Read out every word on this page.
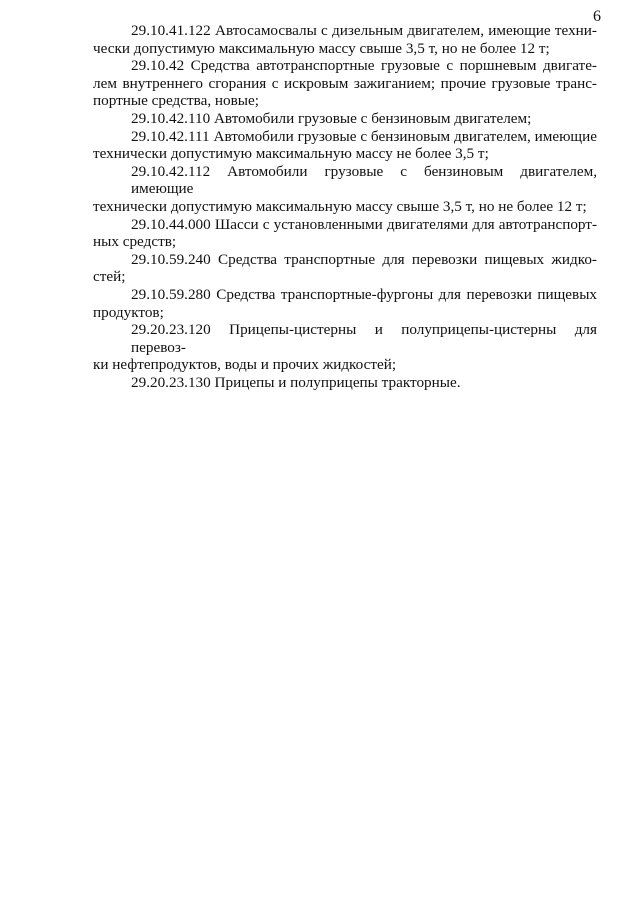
6

29.10.41.122 Автосамосвалы с дизельным двигателем, имеющие техни-
чески допустимую максимальную массу свыше 3,5 т, но не более 12 т;

29.10.42 Средства автотранспортные грузовые с поршневым двигате-
лем внутреннего сгорания с искровым зажиганием; прочие грузовые транс-
портные средства, новые;

29.10.42.110 Автомобили грузовые с бензиновым двигателем;

29.10.42.111 Автомобили грузовые с бензиновым двигателем, имеющие
технически допустимую максимальную массу не более 3,5 т;

29.10.42.112 Автомобили грузовые с бензиновым двигателем, имеющие
технически допустимую максимальную массу свыше 3,5 т, но не более 12 т;

29.10.44.000 Шасси с установленными двигателями для автотранспорт-
ных средств;

29.10.59.240 Средства транспортные для перевозки пищевых жидко-
стей;

29.10.59.280 Средства транспортные-фургоны для перевозки пищевых
продуктов;

29.20.23.120 Прицепы-цистерны и полуприцепы-цистерны для перевоз-
ки нефтепродуктов, воды и прочих жидкостей;

29.20.23.130 Прицепы и полуприцепы тракторные.
